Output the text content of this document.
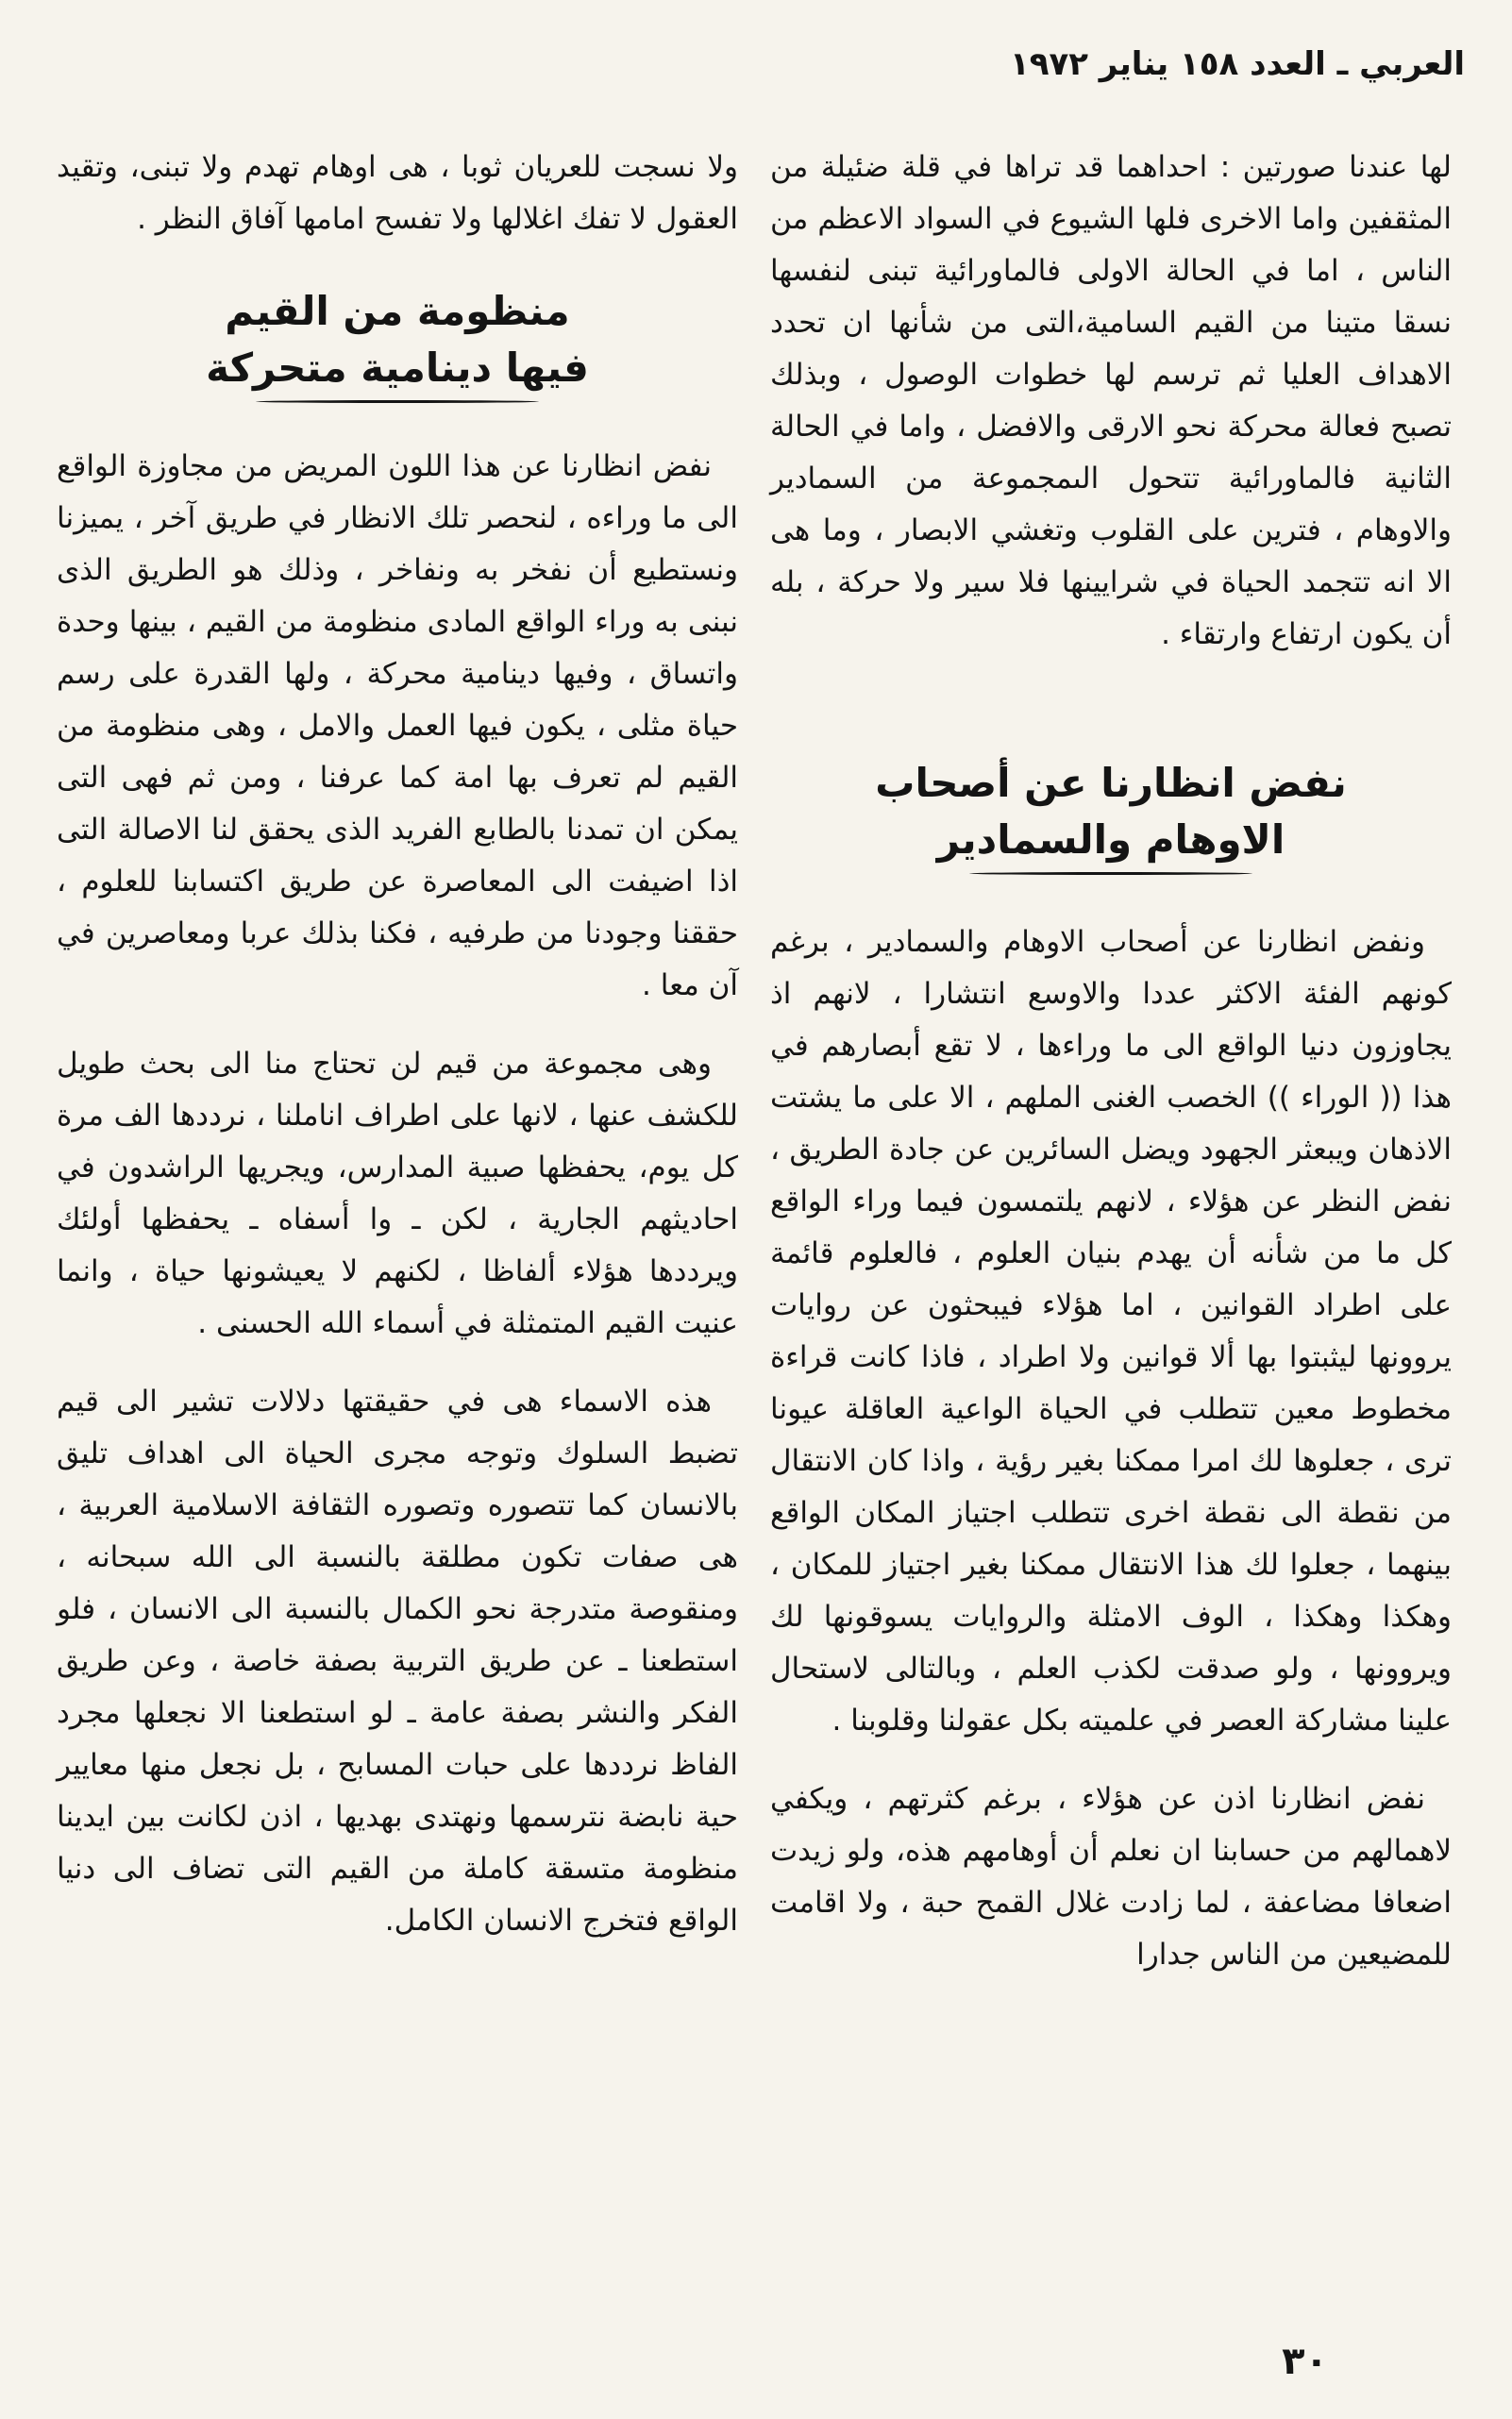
العربي ـ العدد ١٥٨ يناير ١٩٧٢

لها عندنا صورتين : احداهما قد تراها في قلة ضئيلة من المثقفين واما الاخرى فلها الشيوع في السواد الاعظم من الناس ، اما في الحالة الاولى فالماورائية تبنى لنفسها نسقا متينا من القيم السامية،التى من شأنها ان تحدد الاهداف العليا ثم ترسم لها خطوات الوصول ، وبذلك تصبح فعالة محركة نحو الارقى والافضل ، واما في الحالة الثانية فالماورائية تتحول الىمجموعة من السمادير والاوهام ، فترين على القلوب وتغشي الابصار ، وما هى الا انه تتجمد الحياة في شرايينها فلا سير ولا حركة ، بله أن يكون ارتفاع وارتقاء .

نفض انظارنا عن أصحاب

الاوهام والسمادير

ونفض انظارنا عن أصحاب الاوهام والسمادير ، برغم كونهم الفئة الاكثر عددا والاوسع انتشارا ، لانهم اذ يجاوزون دنيا الواقع الى ما وراءها ، لا تقع أبصارهم في هذا (( الوراء )) الخصب الغنى الملهم ، الا على ما يشتت الاذهان ويبعثر الجهود ويضل السائرين عن جادة الطريق ، نفض النظر عن هؤلاء ، لانهم يلتمسون فيما وراء الواقع كل ما من شأنه أن يهدم بنيان العلوم ، فالعلوم قائمة على اطراد القوانين ، اما هؤلاء فيبحثون عن روايات يروونها ليثبتوا بها ألا قوانين ولا اطراد ، فاذا كانت قراءة مخطوط معين تتطلب في الحياة الواعية العاقلة عيونا ترى ، جعلوها لك امرا ممكنا بغير رؤية ، واذا كان الانتقال من نقطة الى نقطة اخرى تتطلب اجتياز المكان الواقع بينهما ، جعلوا لك هذا الانتقال ممكنا بغير اجتياز للمكان ، وهكذا وهكذا ، الوف الامثلة والروايات يسوقونها لك ويروونها ، ولو صدقت لكذب العلم ، وبالتالى لاستحال علينا مشاركة العصر في علميته بكل عقولنا وقلوبنا .

نفض انظارنا اذن عن هؤلاء ، برغم كثرتهم ، ويكفي لاهمالهم من حسابنا ان نعلم أن أوهامهم هذه، ولو زيدت اضعافا مضاعفة ، لما زادت غلال القمح حبة ، ولا اقامت للمضيعين من الناس جدارا

ولا نسجت للعريان ثوبا ، هى اوهام تهدم ولا تبنى، وتقيد العقول لا تفك اغلالها ولا تفسح امامها آفاق النظر .

منظومة من القيم

فيها دينامية متحركة

نفض انظارنا عن هذا اللون المريض من مجاوزة الواقع الى ما وراءه ، لنحصر تلك الانظار في طريق آخر ، يميزنا ونستطيع أن نفخر به ونفاخر ، وذلك هو الطريق الذى نبنى به وراء الواقع المادى منظومة من القيم ، بينها وحدة واتساق ، وفيها دينامية محركة ، ولها القدرة على رسم حياة مثلى ، يكون فيها العمل والامل ، وهى منظومة من القيم لم تعرف بها امة كما عرفنا ، ومن ثم فهى التى يمكن ان تمدنا بالطابع الفريد الذى يحقق لنا الاصالة التى اذا اضيفت الى المعاصرة عن طريق اكتسابنا للعلوم ، حققنا وجودنا من طرفيه ، فكنا بذلك عربا ومعاصرين في آن معا .

وهى مجموعة من قيم لن تحتاج منا الى بحث طويل للكشف عنها ، لانها على اطراف اناملنا ، نرددها الف مرة كل يوم، يحفظها صبية المدارس، ويجريها الراشدون في احاديثهم الجارية ، لكن ـ وا أسفاه ـ يحفظها أولئك ويرددها هؤلاء ألفاظا ، لكنهم لا يعيشونها حياة ، وانما عنيت القيم المتمثلة في أسماء الله الحسنى .

هذه الاسماء هى في حقيقتها دلالات تشير الى قيم تضبط السلوك وتوجه مجرى الحياة الى اهداف تليق بالانسان كما تتصوره وتصوره الثقافة الاسلامية العربية ، هى صفات تكون مطلقة بالنسبة الى الله سبحانه ، ومنقوصة متدرجة نحو الكمال بالنسبة الى الانسان ، فلو استطعنا ـ عن طريق التربية بصفة خاصة ، وعن طريق الفكر والنشر بصفة عامة ـ لو استطعنا الا نجعلها مجرد الفاظ نرددها على حبات المسابح ، بل نجعل منها معايير حية نابضة نترسمها ونهتدى بهديها ، اذن لكانت بين ايدينا منظومة متسقة كاملة من القيم التى تضاف الى دنيا الواقع فتخرج الانسان الكامل.

٣٠
